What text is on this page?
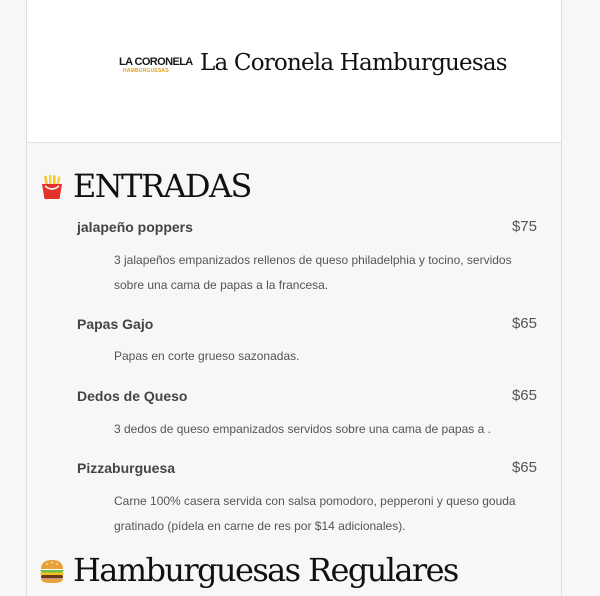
LA CORONELA
HAMBURGUESAS La Coronela Hamburguesas
ENTRADAS
jalapeño poppers	$75
3 jalapeños empanizados rellenos de queso philadelphia y tocino, servidos sobre una cama de papas a la francesa.
Papas Gajo	$65
Papas en corte grueso sazonadas.
Dedos de Queso	$65
3 dedos de queso empanizados servidos sobre una cama de papas a .
Pizzaburguesa	$65
Carne 100% casera servida con salsa pomodoro, pepperoni y queso gouda gratinado (pídela en carne de res por $14 adicionales).
Hamburguesas Regulares
